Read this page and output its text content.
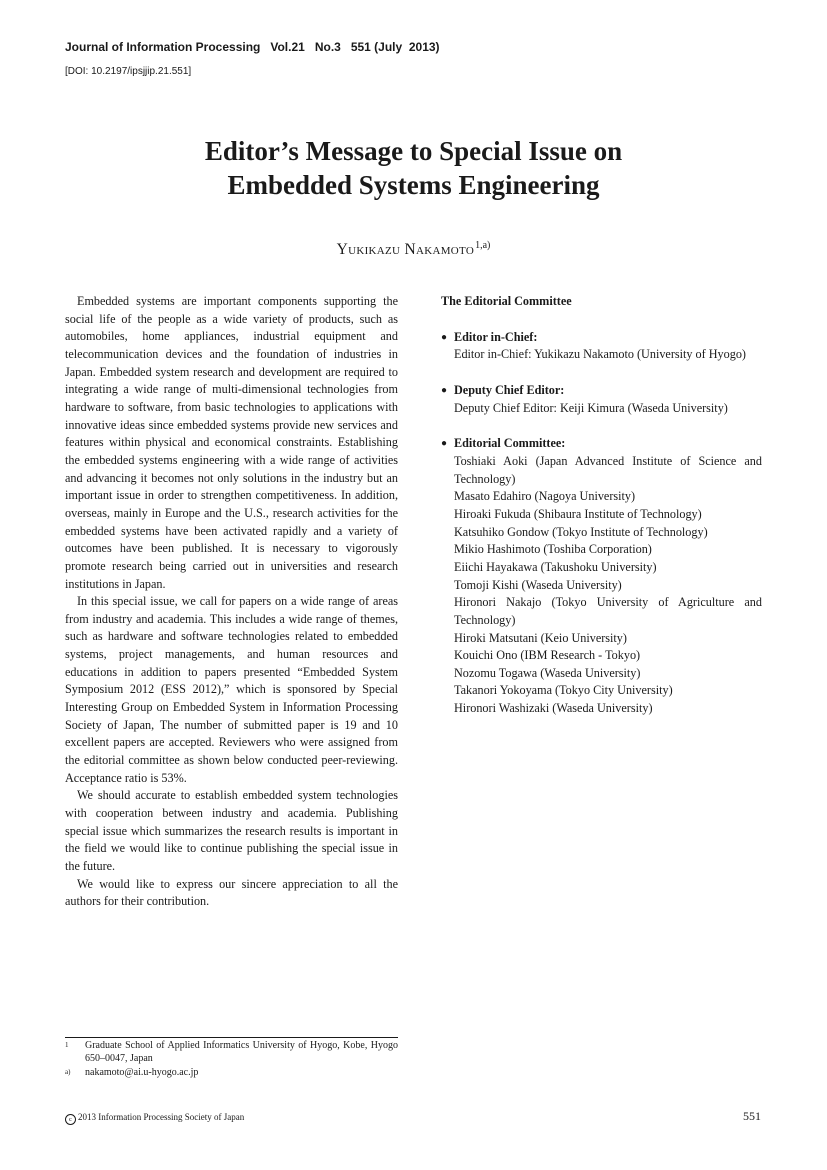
Journal of Information Processing   Vol.21   No.3   551 (July  2013)
[DOI: 10.2197/ipsjjip.21.551]
Editor’s Message to Special Issue on
Embedded Systems Engineering
Yukikazu Nakamoto$^{1,a)}$

Embedded systems are important components supporting the social life of the people as a wide variety of products, such as automobiles, home appliances, industrial equipment and telecommunication devices and the foundation of industries in Japan. Embedded system research and development are required to integrating a wide range of multi-dimensional technologies from hardware to software, from basic technologies to applications with innovative ideas since embedded systems provide new services and features within physical and economical constraints. Establishing the embedded systems engineering with a wide range of activities and advancing it becomes not only solutions in the industry but an important issue in order to strengthen competitiveness. In addition, overseas, mainly in Europe and the U.S., research activities for the embedded systems have been activated rapidly and a variety of outcomes have been published. It is necessary to vigorously promote research being carried out in universities and research institutions in Japan.

In this special issue, we call for papers on a wide range of areas from industry and academia. This includes a wide range of themes, such as hardware and software technologies related to embedded systems, project managements, and human resources and educations in addition to papers presented “Embedded System Symposium 2012 (ESS 2012),” which is sponsored by Special Interesting Group on Embedded System in Information Processing Society of Japan, The number of submitted paper is 19 and 10 excellent papers are accepted. Reviewers who were assigned from the editorial committee as shown below conducted peer-reviewing. Acceptance ratio is 53%.

We should accurate to establish embedded system technologies with cooperation between industry and academia. Publishing special issue which summarizes the research results is important in the field we would like to continue publishing the special issue in the future.

We would like to express our sincere appreciation to all the authors for their contribution.

The Editorial Committee
● Editor in-Chief:
Editor in-Chief: Yukikazu Nakamoto (University of Hyogo)
● Deputy Chief Editor:
Deputy Chief Editor: Keiji Kimura (Waseda University)
● Editorial Committee:
Toshiaki Aoki (Japan Advanced Institute of Science and Technology)
Masato Edahiro (Nagoya University)
Hiroaki Fukuda (Shibaura Institute of Technology)
Katsuhiko Gondow (Tokyo Institute of Technology)
Mikio Hashimoto (Toshiba Corporation)
Eiichi Hayakawa (Takushoku University)
Tomoji Kishi (Waseda University)
Hironori Nakajo (Tokyo University of Agriculture and Technology)
Hiroki Matsutani (Keio University)
Kouichi Ono (IBM Research - Tokyo)
Nozomu Togawa (Waseda University)
Takanori Yokoyama (Tokyo City University)
Hironori Washizaki (Waseda University)
1 Graduate School of Applied Informatics University of Hyogo, Kobe, Hyogo 650–0047, Japan
a) nakamoto@ai.u-hyogo.ac.jp
c 2013 Information Processing Society of Japan	551
